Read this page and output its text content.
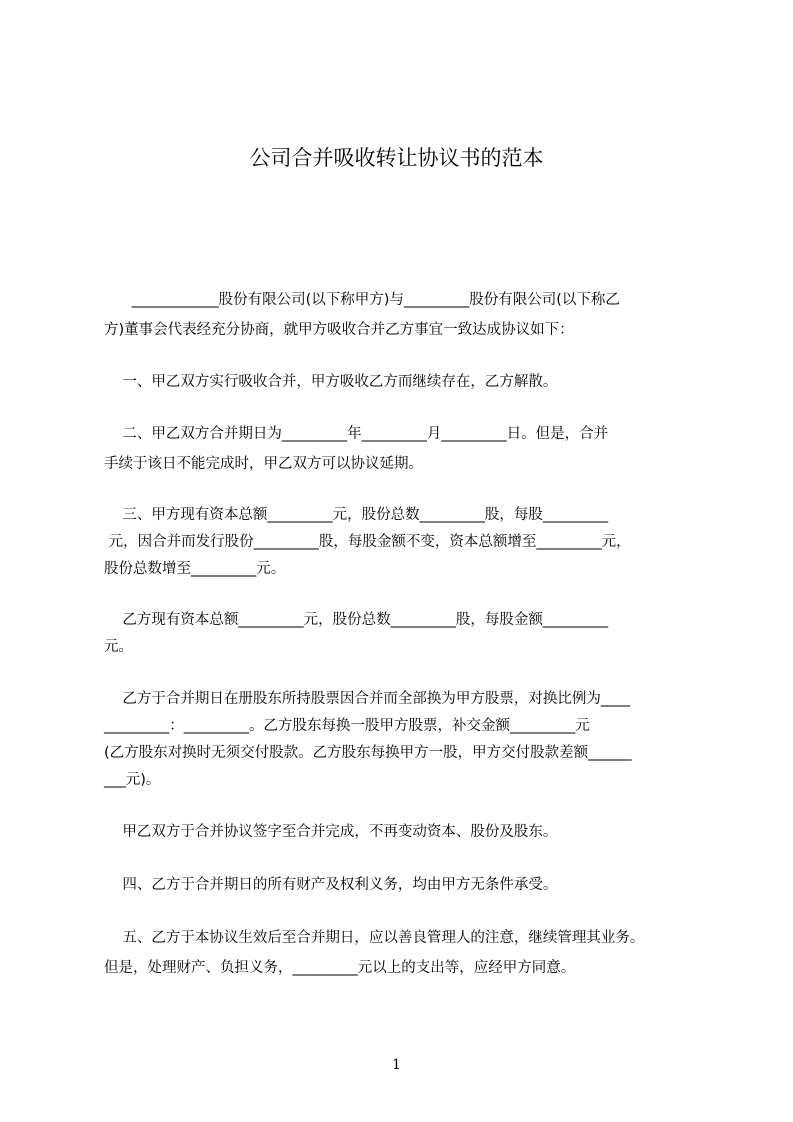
公司合并吸收转让协议书的范本
____________股份有限公司(以下称甲方)与_________股份有限公司(以下称乙
方)董事会代表经充分协商，就甲方吸收合并乙方事宜一致达成协议如下：
一、甲乙双方实行吸收合并，甲方吸收乙方而继续存在，乙方解散。
二、甲乙双方合并期日为_________年_________月_________日。但是，合并
手续于该日不能完成时，甲乙双方可以协议延期。
三、甲方现有资本总额_________元，股份总数_________股，每股_________
元，因合并而发行股份_________股，每股金额不变，资本总额增至_________元，
股份总数增至_________元。
乙方现有资本总额_________元，股份总数_________股，每股金额_________
元。
乙方于合并期日在册股东所持股票因合并而全部换为甲方股票，对换比例为____
_________：_________。乙方股东每换一股甲方股票，补交金额_________元
(乙方股东对换时无须交付股款。乙方股东每换甲方一股，甲方交付股款差额______
___元)。
甲乙双方于合并协议签字至合并完成，不再变动资本、股份及股东。
四、乙方于合并期日的所有财产及权利义务，均由甲方无条件承受。
五、乙方于本协议生效后至合并期日，应以善良管理人的注意，继续管理其业务。
但是，处理财产、负担义务，_________元以上的支出等，应经甲方同意。
1
